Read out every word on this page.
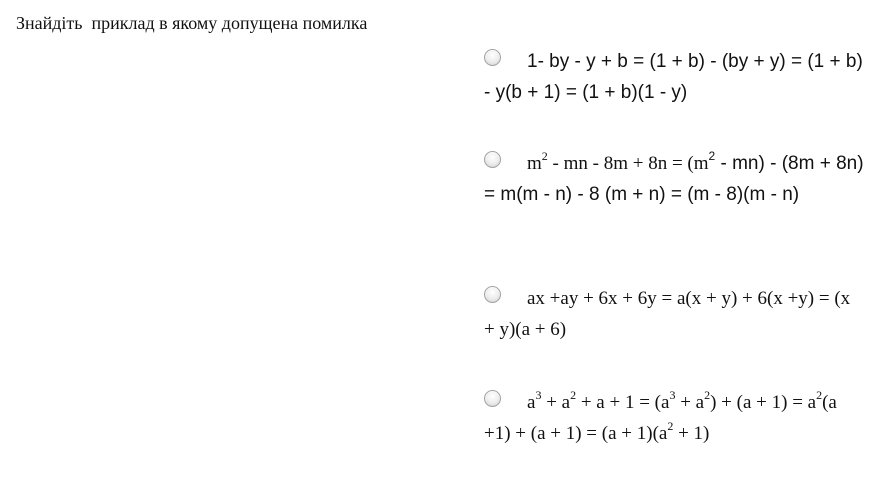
Знайдіть  приклад в якому допущена помилка

1- by - y + b = (1 + b) - (by + y) = (1 + b) - y(b + 1) = (1 + b)(1 - y)

$m^2$ - mn - $8m + 8n = (m^2 - mn) - (8m + 8n) = m(m - n) - 8$ (m + n) = (m - 8)(m - n)

ax +ay + 6x + 6y = a(x + y) + 6(x +y) = (x + y)(a + 6)

$a^3 + a^2 + a + 1 = (a^3 + a^2) + (a + 1) = a^2(a +1) + (a + 1) = (a + 1)(a^2 + 1)$
